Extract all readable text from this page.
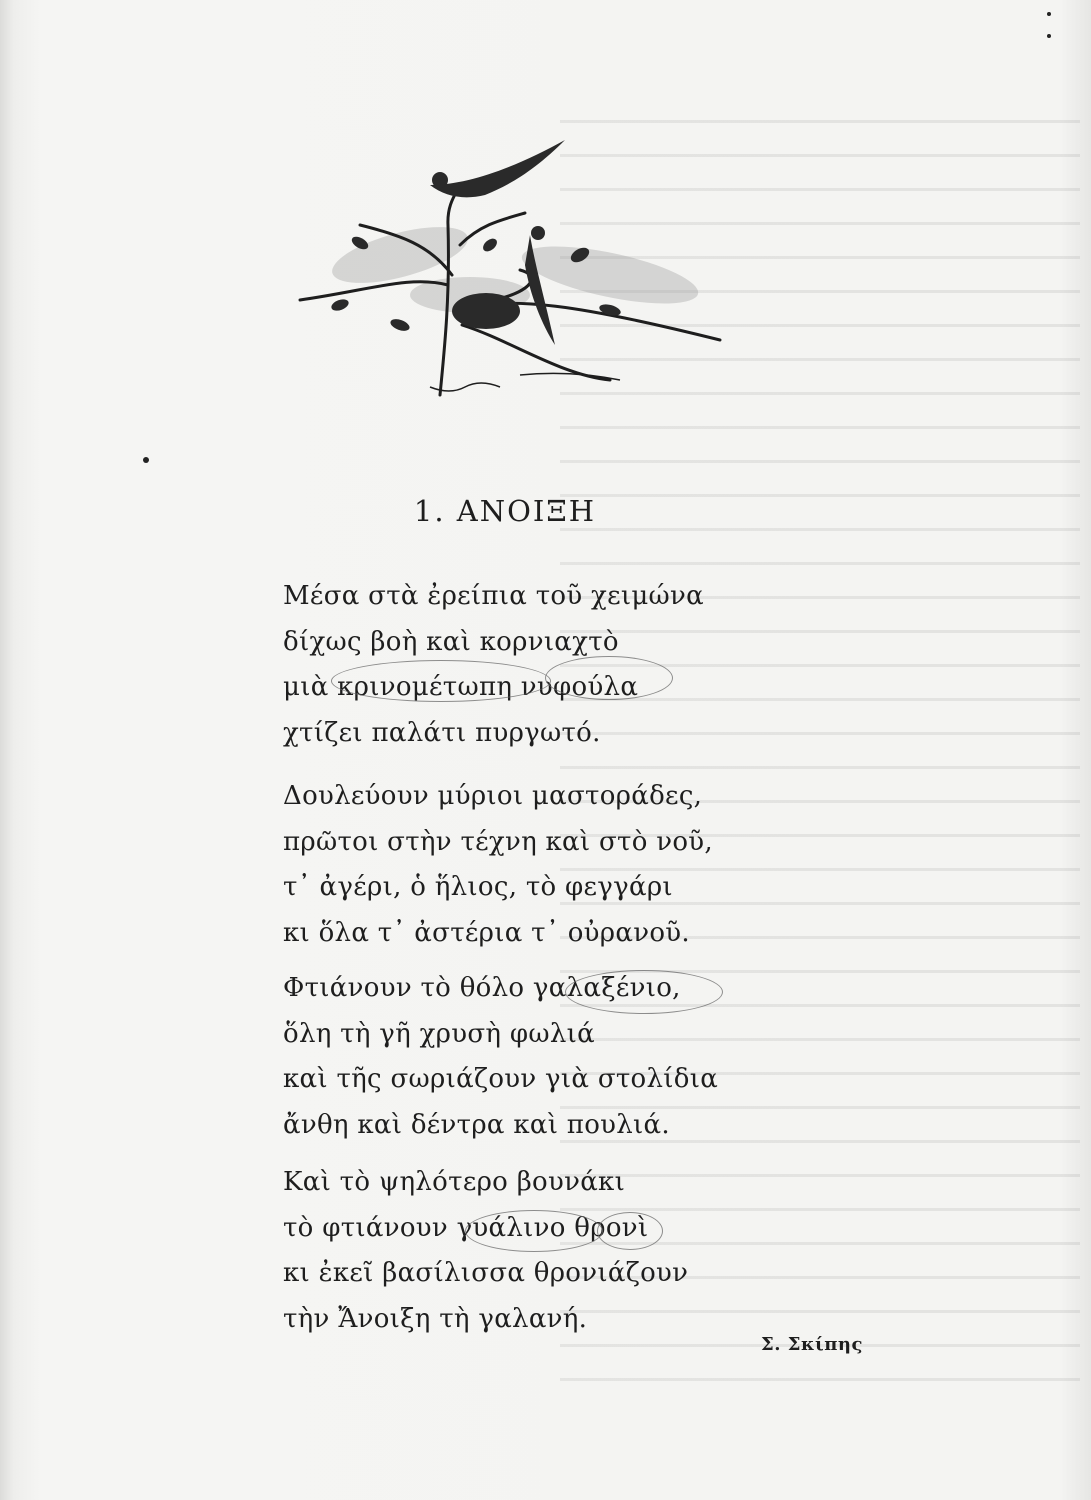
1. ΑΝΟΙΞΗ
Μέσα στὰ ἐρείπια τοῦ χειμώνα
δίχως βοὴ καὶ κορνιαχτὸ
μιὰ κρινομέτωπη νυφούλα
χτίζει παλάτι πυργωτό.
Δουλεύουν μύριοι μαστοράδες,
πρῶτοι στὴν τέχνη καὶ στὸ νοῦ,
τ᾿ ἀγέρι, ὁ ἥλιος, τὸ φεγγάρι
κι ὅλα τ᾿ ἀστέρια τ᾿ οὐρανοῦ.
Φτιάνουν τὸ θόλο γαλαξένιο,
ὅλη τὴ γῆ χρυσὴ φωλιά
καὶ τῆς σωριάζουν γιὰ στολίδια
ἄνθη καὶ δέντρα καὶ πουλιά.
Καὶ τὸ ψηλότερο βουνάκι
τὸ φτιάνουν γυάλινο θρονὶ
κι ἐκεῖ βασίλισσα θρονιάζουν
τὴν Ἄνοιξη τὴ γαλανή.
Σ. Σκίπης
